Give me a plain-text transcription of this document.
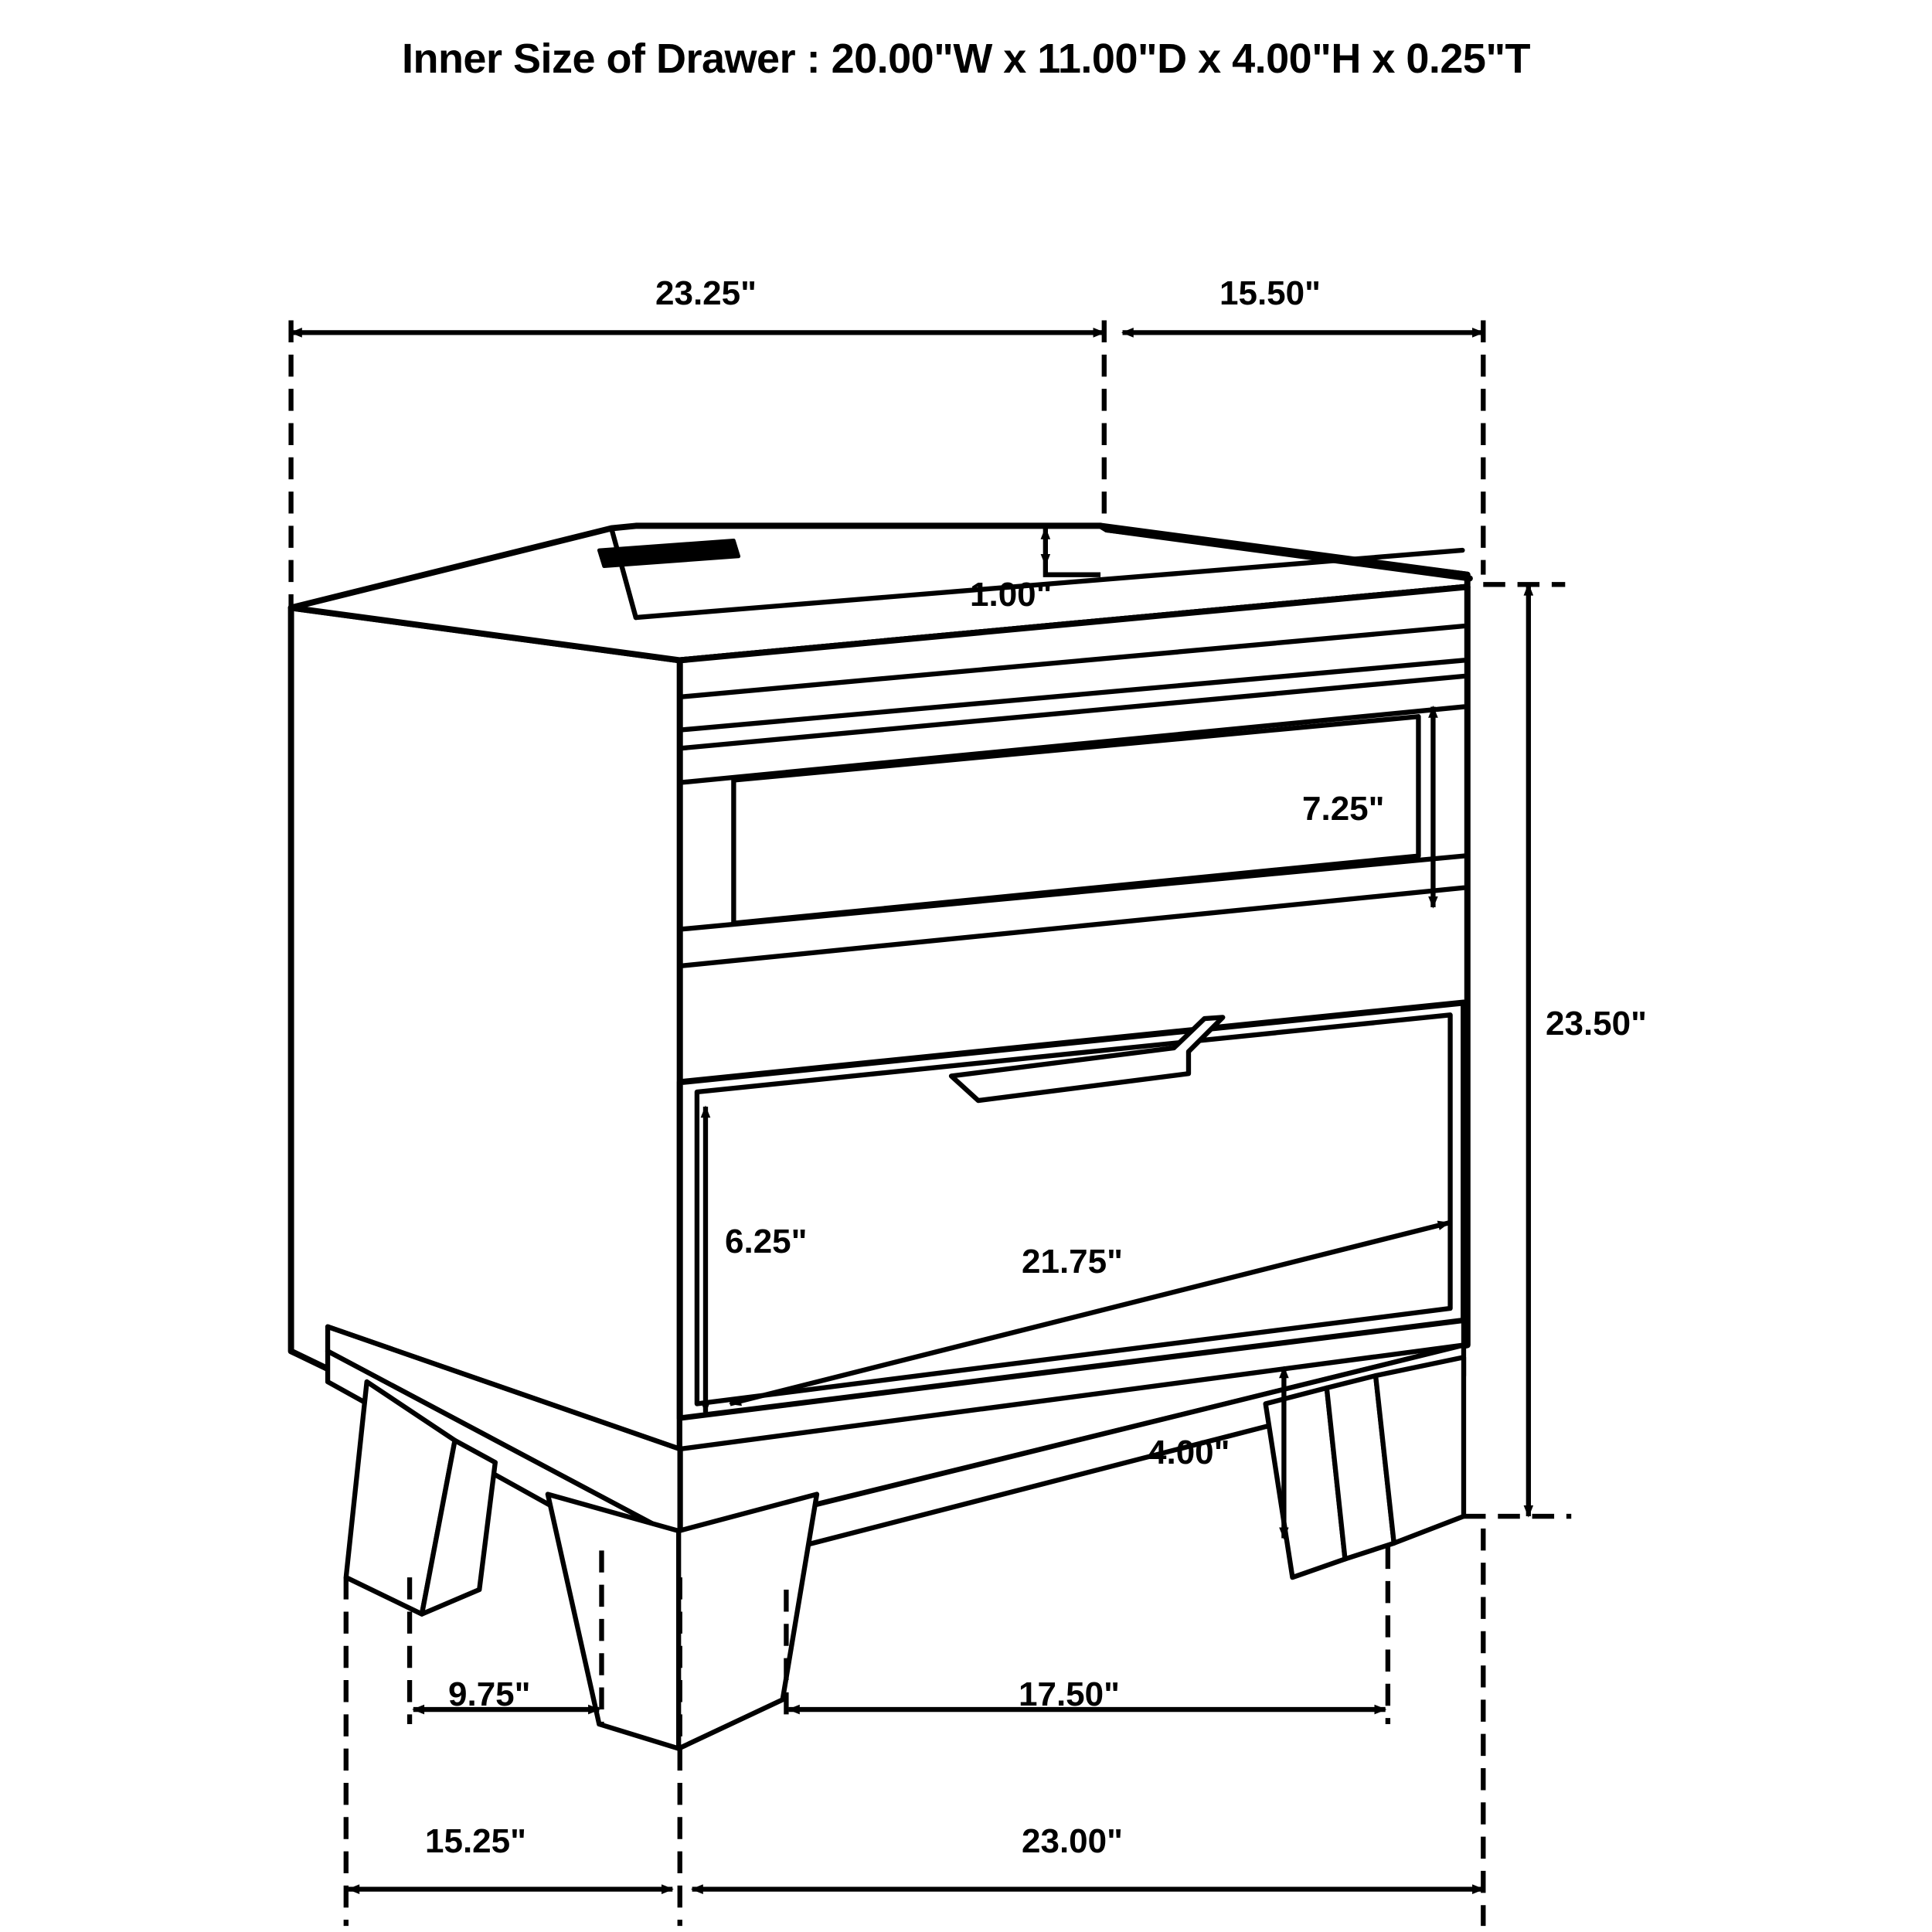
Inner Size of Drawer : 20.00"W x 11.00"D x 4.00"H x 0.25"T
23.25"	15.50"
1.00"
7.25"
23.50"
6.25"
21.75"
4.00"
9.75"	17.50"
15.25"	23.00"
